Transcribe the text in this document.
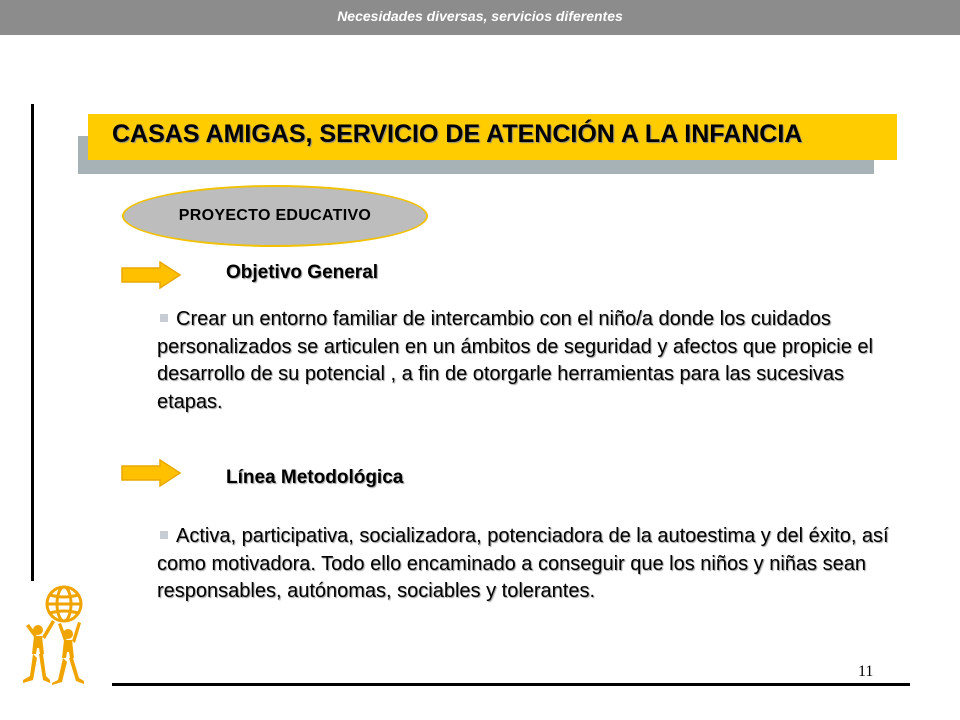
Necesidades diversas, servicios diferentes
CASAS AMIGAS, SERVICIO DE ATENCIÓN A LA INFANCIA
PROYECTO EDUCATIVO
Objetivo General
Crear un entorno familiar de intercambio con el niño/a donde los cuidados personalizados se articulen en un ámbitos de seguridad y afectos que propicie el desarrollo de su potencial , a fin de otorgarle herramientas para las sucesivas etapas.
Línea Metodológica
Activa, participativa, socializadora, potenciadora de la autoestima y del éxito, así como motivadora. Todo ello encaminado a conseguir que los niños y niñas sean responsables, autónomas, sociables y tolerantes.
11
